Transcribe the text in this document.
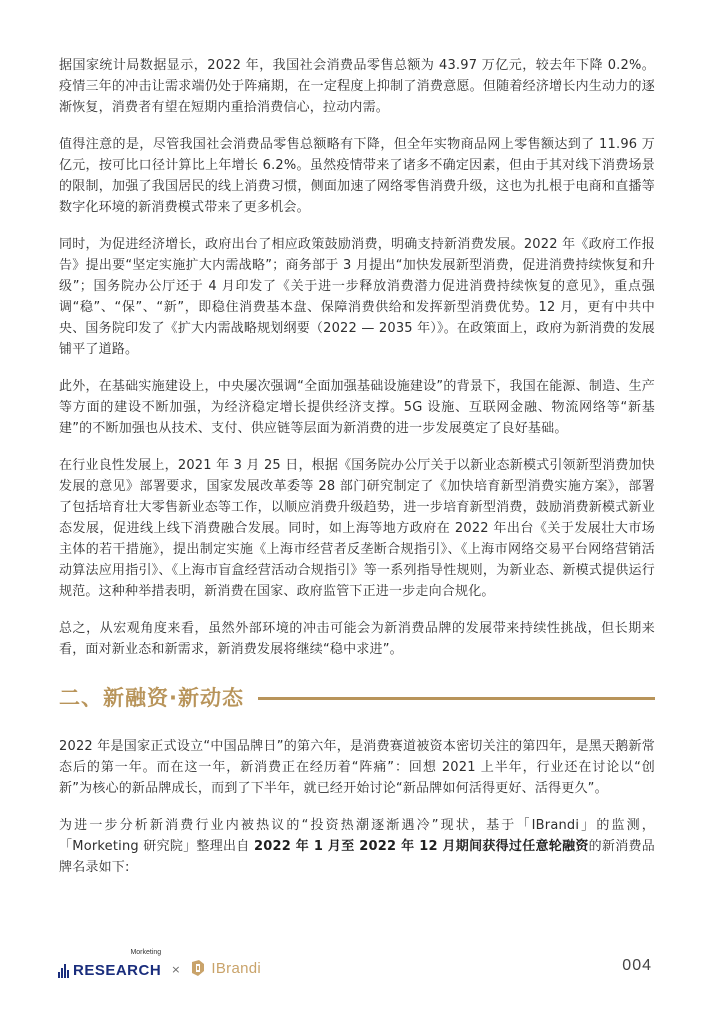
据国家统计局数据显示，2022 年，我国社会消费品零售总额为 43.97 万亿元，较去年下降 0.2%。疫情三年的冲击让需求端仍处于阵痛期，在一定程度上抑制了消费意愿。但随着经济增长内生动力的逐渐恢复，消费者有望在短期内重拾消费信心，拉动内需。

值得注意的是，尽管我国社会消费品零售总额略有下降，但全年实物商品网上零售额达到了 11.96 万亿元，按可比口径计算比上年增长 6.2%。虽然疫情带来了诸多不确定因素，但由于其对线下消费场景的限制，加强了我国居民的线上消费习惯，侧面加速了网络零售消费升级，这也为扎根于电商和直播等数字化环境的新消费模式带来了更多机会。

同时，为促进经济增长，政府出台了相应政策鼓励消费，明确支持新消费发展。2022 年《政府工作报告》提出要“坚定实施扩大内需战略”；商务部于 3 月提出“加快发展新型消费，促进消费持续恢复和升级”；国务院办公厅还于 4 月印发了《关于进一步释放消费潜力促进消费持续恢复的意见》，重点强调“稳”、“保”、“新”，即稳住消费基本盘、保障消费供给和发挥新型消费优势。12 月，更有中共中央、国务院印发了《扩大内需战略规划纲要（2022 — 2035 年）》。在政策面上，政府为新消费的发展铺平了道路。

此外，在基础实施建设上，中央屡次强调“全面加强基础设施建设”的背景下，我国在能源、制造、生产等方面的建设不断加强，为经济稳定增长提供经济支撑。5G 设施、互联网金融、物流网络等“新基建”的不断加强也从技术、支付、供应链等层面为新消费的进一步发展奠定了良好基础。

在行业良性发展上，2021 年 3 月 25 日，根据《国务院办公厅关于以新业态新模式引领新型消费加快发展的意见》部署要求，国家发展改革委等 28 部门研究制定了《加快培育新型消费实施方案》，部署了包括培育壮大零售新业态等工作，以顺应消费升级趋势，进一步培育新型消费，鼓励消费新模式新业态发展，促进线上线下消费融合发展。同时，如上海等地方政府在 2022 年出台《关于发展壮大市场主体的若干措施》，提出制定实施《上海市经营者反垄断合规指引》、《上海市网络交易平台网络营销活动算法应用指引》、《上海市盲盒经营活动合规指引》等一系列指导性规则，为新业态、新模式提供运行规范。这种种举措表明，新消费在国家、政府监管下正进一步走向合规化。

总之，从宏观角度来看，虽然外部环境的冲击可能会为新消费品牌的发展带来持续性挑战，但长期来看，面对新业态和新需求，新消费发展将继续“稳中求进”。

二、新融资·新动态

2022 年是国家正式设立“中国品牌日”的第六年，是消费赛道被资本密切关注的第四年，是黑天鹅新常态后的第一年。而在这一年，新消费正在经历着“阵痛”：回想 2021 上半年，行业还在讨论以“创新”为核心的新品牌成长，而到了下半年，就已经开始讨论“新品牌如何活得更好、活得更久”。

为进一步分析新消费行业内被热议的“投资热潮逐渐遇冷”现状，基于「IBrandi」的监测，「Morketing 研究院」整理出自 2022 年 1 月至 2022 年 12 月期间获得过任意轮融资的新消费品牌名录如下:

Morketing
RESEARCH × IBrandi	004
